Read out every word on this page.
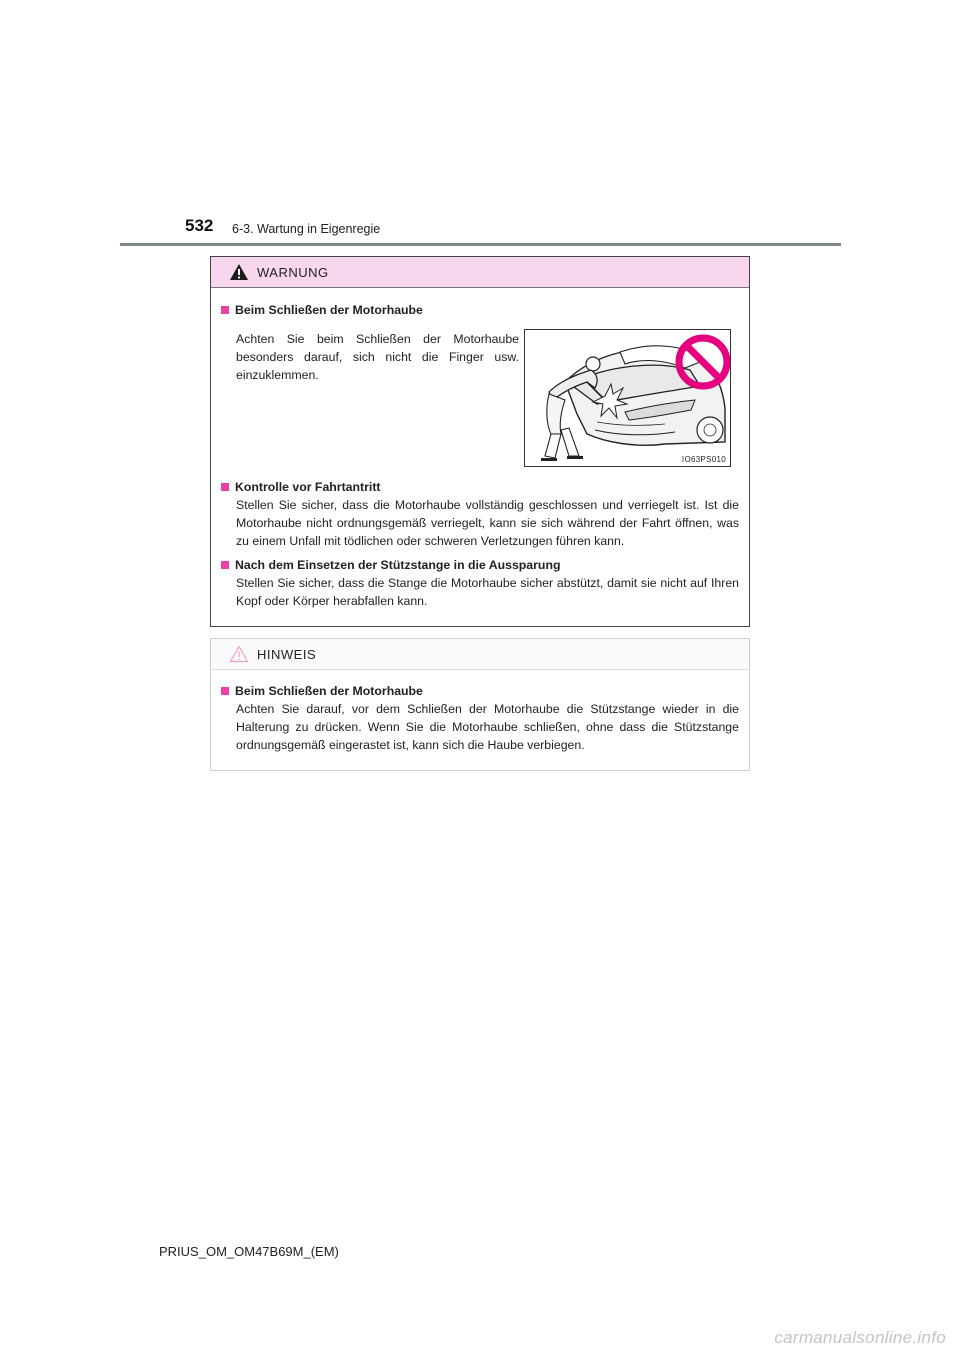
532 6-3. Wartung in Eigenregie
WARNUNG
Beim Schließen der Motorhaube
Achten Sie beim Schließen der Motorhaube besonders darauf, sich nicht die Finger usw. einzuklemmen.
IO63PS010
Kontrolle vor Fahrtantritt
Stellen Sie sicher, dass die Motorhaube vollständig geschlossen und verriegelt ist. Ist die Motorhaube nicht ordnungsgemäß verriegelt, kann sie sich während der Fahrt öffnen, was zu einem Unfall mit tödlichen oder schweren Verletzungen führen kann.
Nach dem Einsetzen der Stützstange in die Aussparung
Stellen Sie sicher, dass die Stange die Motorhaube sicher abstützt, damit sie nicht auf Ihren Kopf oder Körper herabfallen kann.
HINWEIS
Beim Schließen der Motorhaube
Achten Sie darauf, vor dem Schließen der Motorhaube die Stützstange wieder in die Halterung zu drücken. Wenn Sie die Motorhaube schließen, ohne dass die Stützstange ordnungsgemäß eingerastet ist, kann sich die Haube verbiegen.
PRIUS_OM_OM47B69M_(EM)
carmanualsonline.info
